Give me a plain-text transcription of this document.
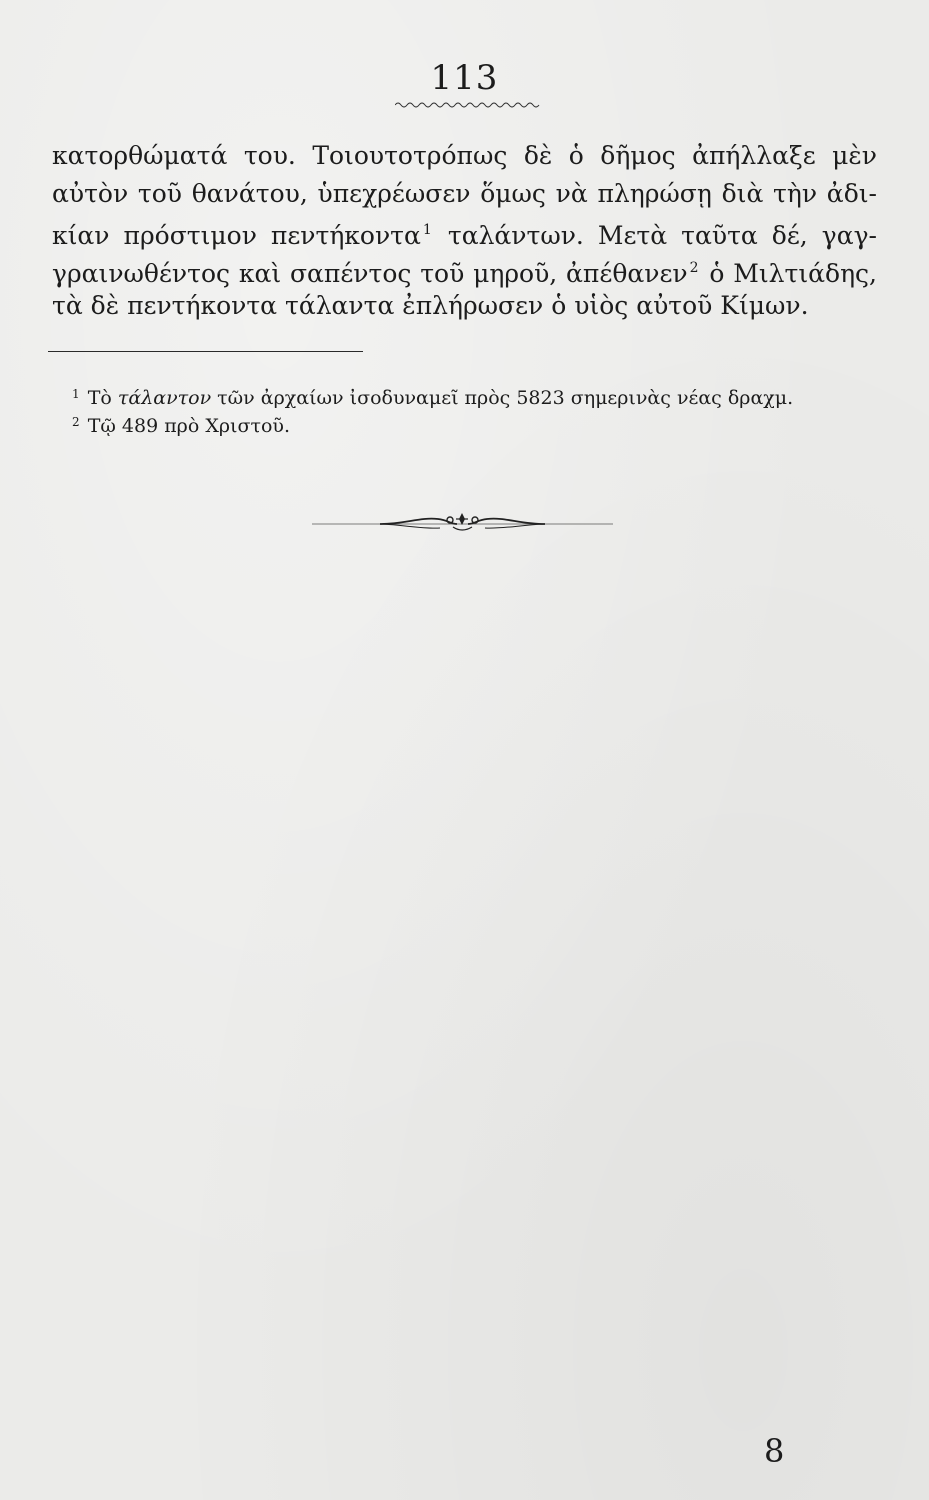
113
κατορθώματά του. Τοιουτοτρόπως δὲ ὁ δῆμος ἀπήλλαξε μὲν
αὐτὸν τοῦ θανάτου, ὑπεχρέωσεν ὅμως νὰ πληρώσῃ διὰ τὴν ἀδι-
κίαν πρόστιμον πεντήκοντα $^1$ ταλάντων. Μετὰ ταῦτα δέ, γαγ-
γραινωθέντος καὶ σαπέντος τοῦ μηροῦ, ἀπέθανεν $^2$ ὁ Μιλτιάδης,
τὰ δὲ πεντήκοντα τάλαντα ἐπλήρωσεν ὁ υἱὸς αὐτοῦ Κίμων.
$^1$ Τὸ τάλαντον τῶν ἀρχαίων ἰσοδυναμεῖ πρὸς 5823 σημερινὰς νέας δραχμ.
$^2$ Τῷ 489 πρὸ Χριστοῦ.
8
